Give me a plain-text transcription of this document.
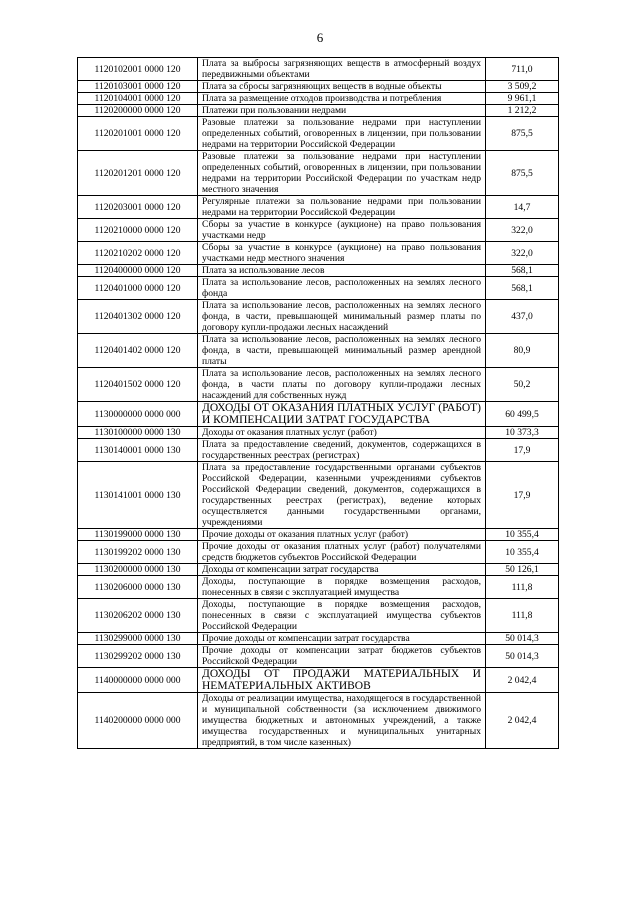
6
1120102001 0000 120	Плата за выбросы загрязняющих веществ в атмосферный воздух передвижными объектами	711,0
1120103001 0000 120	Плата за сбросы загрязняющих веществ в водные объекты	3 509,2
1120104001 0000 120	Плата за размещение отходов производства и потребления	9 961,1
1120200000 0000 120	Платежи при пользовании недрами	1 212,2
1120201001 0000 120	Разовые платежи за пользование недрами при наступлении определенных событий, оговоренных в лицензии, при пользовании недрами на территории Российской Федерации	875,5
1120201201 0000 120	Разовые платежи за пользование недрами при наступлении определенных событий, оговоренных в лицензии, при пользовании недрами на территории Российской Федерации по участкам недр местного значения	875,5
1120203001 0000 120	Регулярные платежи за пользование недрами при пользовании недрами на территории Российской Федерации	14,7
1120210000 0000 120	Сборы за участие в конкурсе (аукционе) на право пользования участками недр	322,0
1120210202 0000 120	Сборы за участие в конкурсе (аукционе) на право пользования участками недр местного значения	322,0
1120400000 0000 120	Плата за использование лесов	568,1
1120401000 0000 120	Плата за использование лесов, расположенных на землях лесного фонда	568,1
1120401302 0000 120	Плата за использование лесов, расположенных на землях лесного фонда, в части, превышающей минимальный размер платы по договору купли-продажи лесных насаждений	437,0
1120401402 0000 120	Плата за использование лесов, расположенных на землях лесного фонда, в части, превышающей минимальный размер арендной платы	80,9
1120401502 0000 120	Плата за использование лесов, расположенных на землях лесного фонда, в части платы по договору купли-продажи лесных насаждений для собственных нужд	50,2
1130000000 0000 000	ДОХОДЫ ОТ ОКАЗАНИЯ ПЛАТНЫХ УСЛУГ (РАБОТ) И КОМПЕНСАЦИИ ЗАТРАТ ГОСУДАРСТВА	60 499,5
1130100000 0000 130	Доходы от оказания платных услуг (работ)	10 373,3
1130140001 0000 130	Плата за предоставление сведений, документов, содержащихся в государственных реестрах (регистрах)	17,9
1130141001 0000 130	Плата за предоставление государственными органами субъектов Российской Федерации, казенными учреждениями субъектов Российской Федерации сведений, документов, содержащихся в государственных реестрах (регистрах), ведение которых осуществляется данными государственными органами, учреждениями	17,9
1130199000 0000 130	Прочие доходы от оказания платных услуг (работ)	10 355,4
1130199202 0000 130	Прочие доходы от оказания платных услуг (работ) получателями средств бюджетов субъектов Российской Федерации	10 355,4
1130200000 0000 130	Доходы от компенсации затрат государства	50 126,1
1130206000 0000 130	Доходы, поступающие в порядке возмещения расходов, понесенных в связи с эксплуатацией имущества	111,8
1130206202 0000 130	Доходы, поступающие в порядке возмещения расходов, понесенных в связи с эксплуатацией имущества субъектов Российской Федерации	111,8
1130299000 0000 130	Прочие доходы от компенсации затрат государства	50 014,3
1130299202 0000 130	Прочие доходы от компенсации затрат бюджетов субъектов Российской Федерации	50 014,3
1140000000 0000 000	ДОХОДЫ ОТ ПРОДАЖИ МАТЕРИАЛЬНЫХ И НЕМАТЕРИАЛЬНЫХ АКТИВОВ	2 042,4
1140200000 0000 000	Доходы от реализации имущества, находящегося в государственной и муниципальной собственности (за исключением движимого имущества бюджетных и автономных учреждений, а также имущества государственных и муниципальных унитарных предприятий, в том числе казенных)	2 042,4
